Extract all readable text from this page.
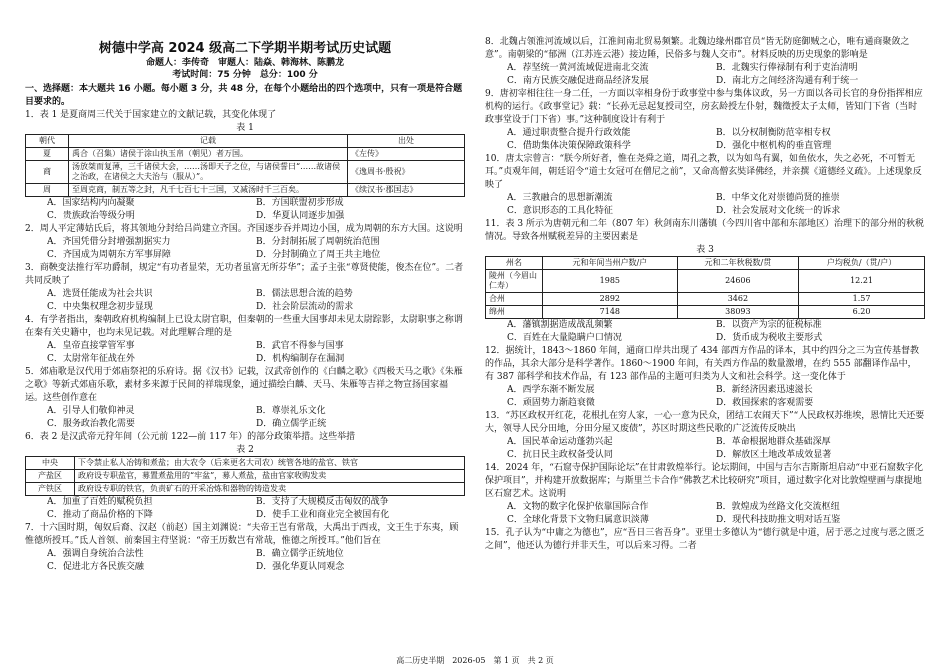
树德中学高 2024 级高二下学期半期考试历史试题
命题人：李传奇　审题人：陆焱、韩海林、陈鹏龙
考试时间：75 分钟　总分：100 分
一、选择题：本大题共 16 小题。每小题 3 分，共 48 分，在每个小题给出的四个选项中，只有一项是符合题目要求的。

1．表 1 是夏商周三代关于国家建立的文献记载，其变化体现了

表 1
朝代	记载	出处
夏	禹合（召集）诸侯于涂山执玉帛（朝见）者万国。	《左传》
商	汤放桀而复薄，三千诸侯大会，……汤即天子之位，与诸侯誓曰“……故诸侯之治政，在诸侯之大夫治与（服从）”。	《逸周书·殷祝》
周	至周克商，制五等之封，凡千七百七十三国，又减汤时千三百矣。	《续汉书·郡国志》
A．国家结构内向凝聚	B．方国联盟初步形成
C．贵族政治等级分明	D．华夏认同逐步加强

2．周人平定薄姑氏后，将其领地分封给吕尚建立齐国。齐国逐步吞并周边小国，成为周朝的东方大国。这说明

A．齐国凭借分封增强割据实力	B．分封制拓展了周朝统治范围
C．齐国成为周朝东方军事屏障	D．分封制确立了周王共主地位

3．商鞅变法推行军功爵制，规定“有功者显荣，无功者虽富无所芬华”；孟子主张“尊贤使能，俊杰在位”。二者共同反映了

A．选贤任能成为社会共识	B．儒法思想合流的趋势
C．中央集权理念初步显现	D．社会阶层流动的需求

4．有学者指出，秦朝政府机构编制上已设太尉官职，但秦朝的一些重大国事却未见太尉踪影，太尉职事之称谓在秦有关史籍中，也均未见记载。对此理解合理的是

A．皇帝直接掌管军事	B．武官不得参与国事
C．太尉常年征战在外	D．机构编制存在漏洞

5．郊庙歌是汉代用于郊庙祭祀的乐府诗。据《汉书》记载，汉武帝创作的《白麟之歌》《西极天马之歌》《朱雁之歌》等新式郊庙乐歌，素材多来源于民间的祥瑞现象，通过描绘白麟、天马、朱雁等吉祥之物宣扬国家福运。这些创作意在

A．引导人们敬仰神灵	B．尊崇礼乐文化
C．服务政治教化需要	D．确立儒学正统

6．表 2 是汉武帝元狩年间（公元前 122—前 117 年）的部分政策举措。这些举措

表 2
中央	下令禁止私人冶铸和煮盐；由大农令（后来更名大司农）统管各地的盐官、铁官
产盐区	政府设专职盐官，募置煮盐用的“牢盆”，募人煮盐，盐由官家收购发卖
产铁区	政府设专职的铁官，负责矿石的开采冶炼和器物的铸造发卖
A．加重了百姓的赋税负担	B．支持了大规模反击匈奴的战争
C．推动了商品价格的下降	D．使手工业和商业完全被国有化

7．十六国时期，匈奴后裔、汉赵（前赵）国主刘渊说：“夫帝王岂有常哉，大禹出于西戎，文王生于东夷，顾惟德所授耳。”氐人首领、前秦国主苻坚说：“帝王历数岂有常哉，惟德之所授耳。”他们旨在

A．强调自身统治合法性	B．确立儒学正统地位
C．促进北方各民族交融	D．强化华夏认同观念

8．北魏占领淮河流域以后，江淮间南北贸易频繁。北魏边缘州郡官员“皆无防庭御贼之心，唯有通商聚敛之意”。南朝梁的“郁洲（江苏连云港）接边陲，民俗多与魏人交市”。材料反映的历史现象的影响是

A．荐坚统一黄河流域促进南北交流	B．北魏实行俸禄制有利于吏治清明
C．南方民族交融促进商品经济发展	D．南北方之间经济沟通有利于统一

9．唐初宰相往往一身二任，一方面以宰相身份于政事堂中参与集体议政，另一方面以各司长官的身份指挥相应机构的运行。《政事堂记》载：“长孙无忌起复授司空，房玄龄授左仆射，魏徵授太子太师，皆知门下省（当时政事堂设于门下省）事。”这种制度设计有利于

A．通过职责整合提升行政效能	B．以分权制衡防范宰相专权
C．借助集体决策保障政策科学	D．强化中枢机构的垂直管理

10．唐太宗曾言：“朕今所好者，惟在尧舜之道，周孔之教，以为如鸟有翼，如鱼依水，失之必死，不可暂无耳。”贞观年间，朝廷诏令“道士女冠可在僧尼之前”，又命高僧玄奘译佛经，并亲撰《道德经义疏》。上述现象反映了

A．三教融合的思想新潮流	B．中华文化对崇德尚贤的推崇
C．意识形态的工具化特征	D．社会发展对文化统一的诉求

11．表 3 所示为唐朝元和二年（807 年）秋剑南东川藩镇（今四川省中部和东部地区）治理下的部分州的秋税情况。导致各州赋税差异的主要因素是

表 3
州名	元和年间当州户数/户	元和二年秋税数/贯	户均税负/（贯/户）
陵州（今眉山仁寿）	1985	24606	12.21
合州	2892	3462	1.57
绵州	7148	38093	6.20
A．藩镇割据造成战乱频繁	B．以资产为宗的征税标准
C．百姓在大量隐瞒户口情况	D．货币成为税收主要形式

12．据统计，1843～1860 年间，通商口岸共出现了 434 部西方作品的译本，其中约四分之三为宣传基督教的作品，其余大部分是科学著作。1860～1900 年间，有关西方作品的数量激增，在约 555 部翻译作品中，有 387 部科学和技术作品，有 123 部作品的主题可归类为人文和社会科学。这一变化体于

A．西学东渐不断发展	B．新经济因素迅速滋长
C．顽固势力渐趋衰微	D．救国探索的客观需要

13．“苏区政权开红花，花根扎在穷人家，一心一意为民众，团结工农闹天下”“人民政权苏维埃，恩情比天还要大，领导人民分田地，分田分屋又废债”，苏区时期这些民歌的广泛流传反映出

A．国民革命运动蓬勃兴起	B．革命根据地群众基础深厚
C．抗日民主政权备受认同	D．解放区土地改革成效显著

14．2024 年，“石窟寺保护国际论坛”在甘肃敦煌举行。论坛期间，中国与吉尔吉斯斯坦启动“中亚石窟数字化保护项目”，并构建开放数据库；与斯里兰卡合作“佛教艺术比较研究”项目，通过数字化对比敦煌壁画与康提地区石窟艺术。这说明

A．文物的数字化保护依靠国际合作	B．敦煌成为丝路文化交流枢纽
C．全球化背景下文物归属意识淡薄	D．现代科技助推文明对话互鉴

15．孔子认为“中庸之为德也”，应“吾日三省吾身”。亚里士多德认为“德行就是中道，居于恶之过度与恶之匮乏之间”，他还认为德行并非天生，可以后来习得。二者

高二历史半期　2026-05　第 1 页　共 2 页
